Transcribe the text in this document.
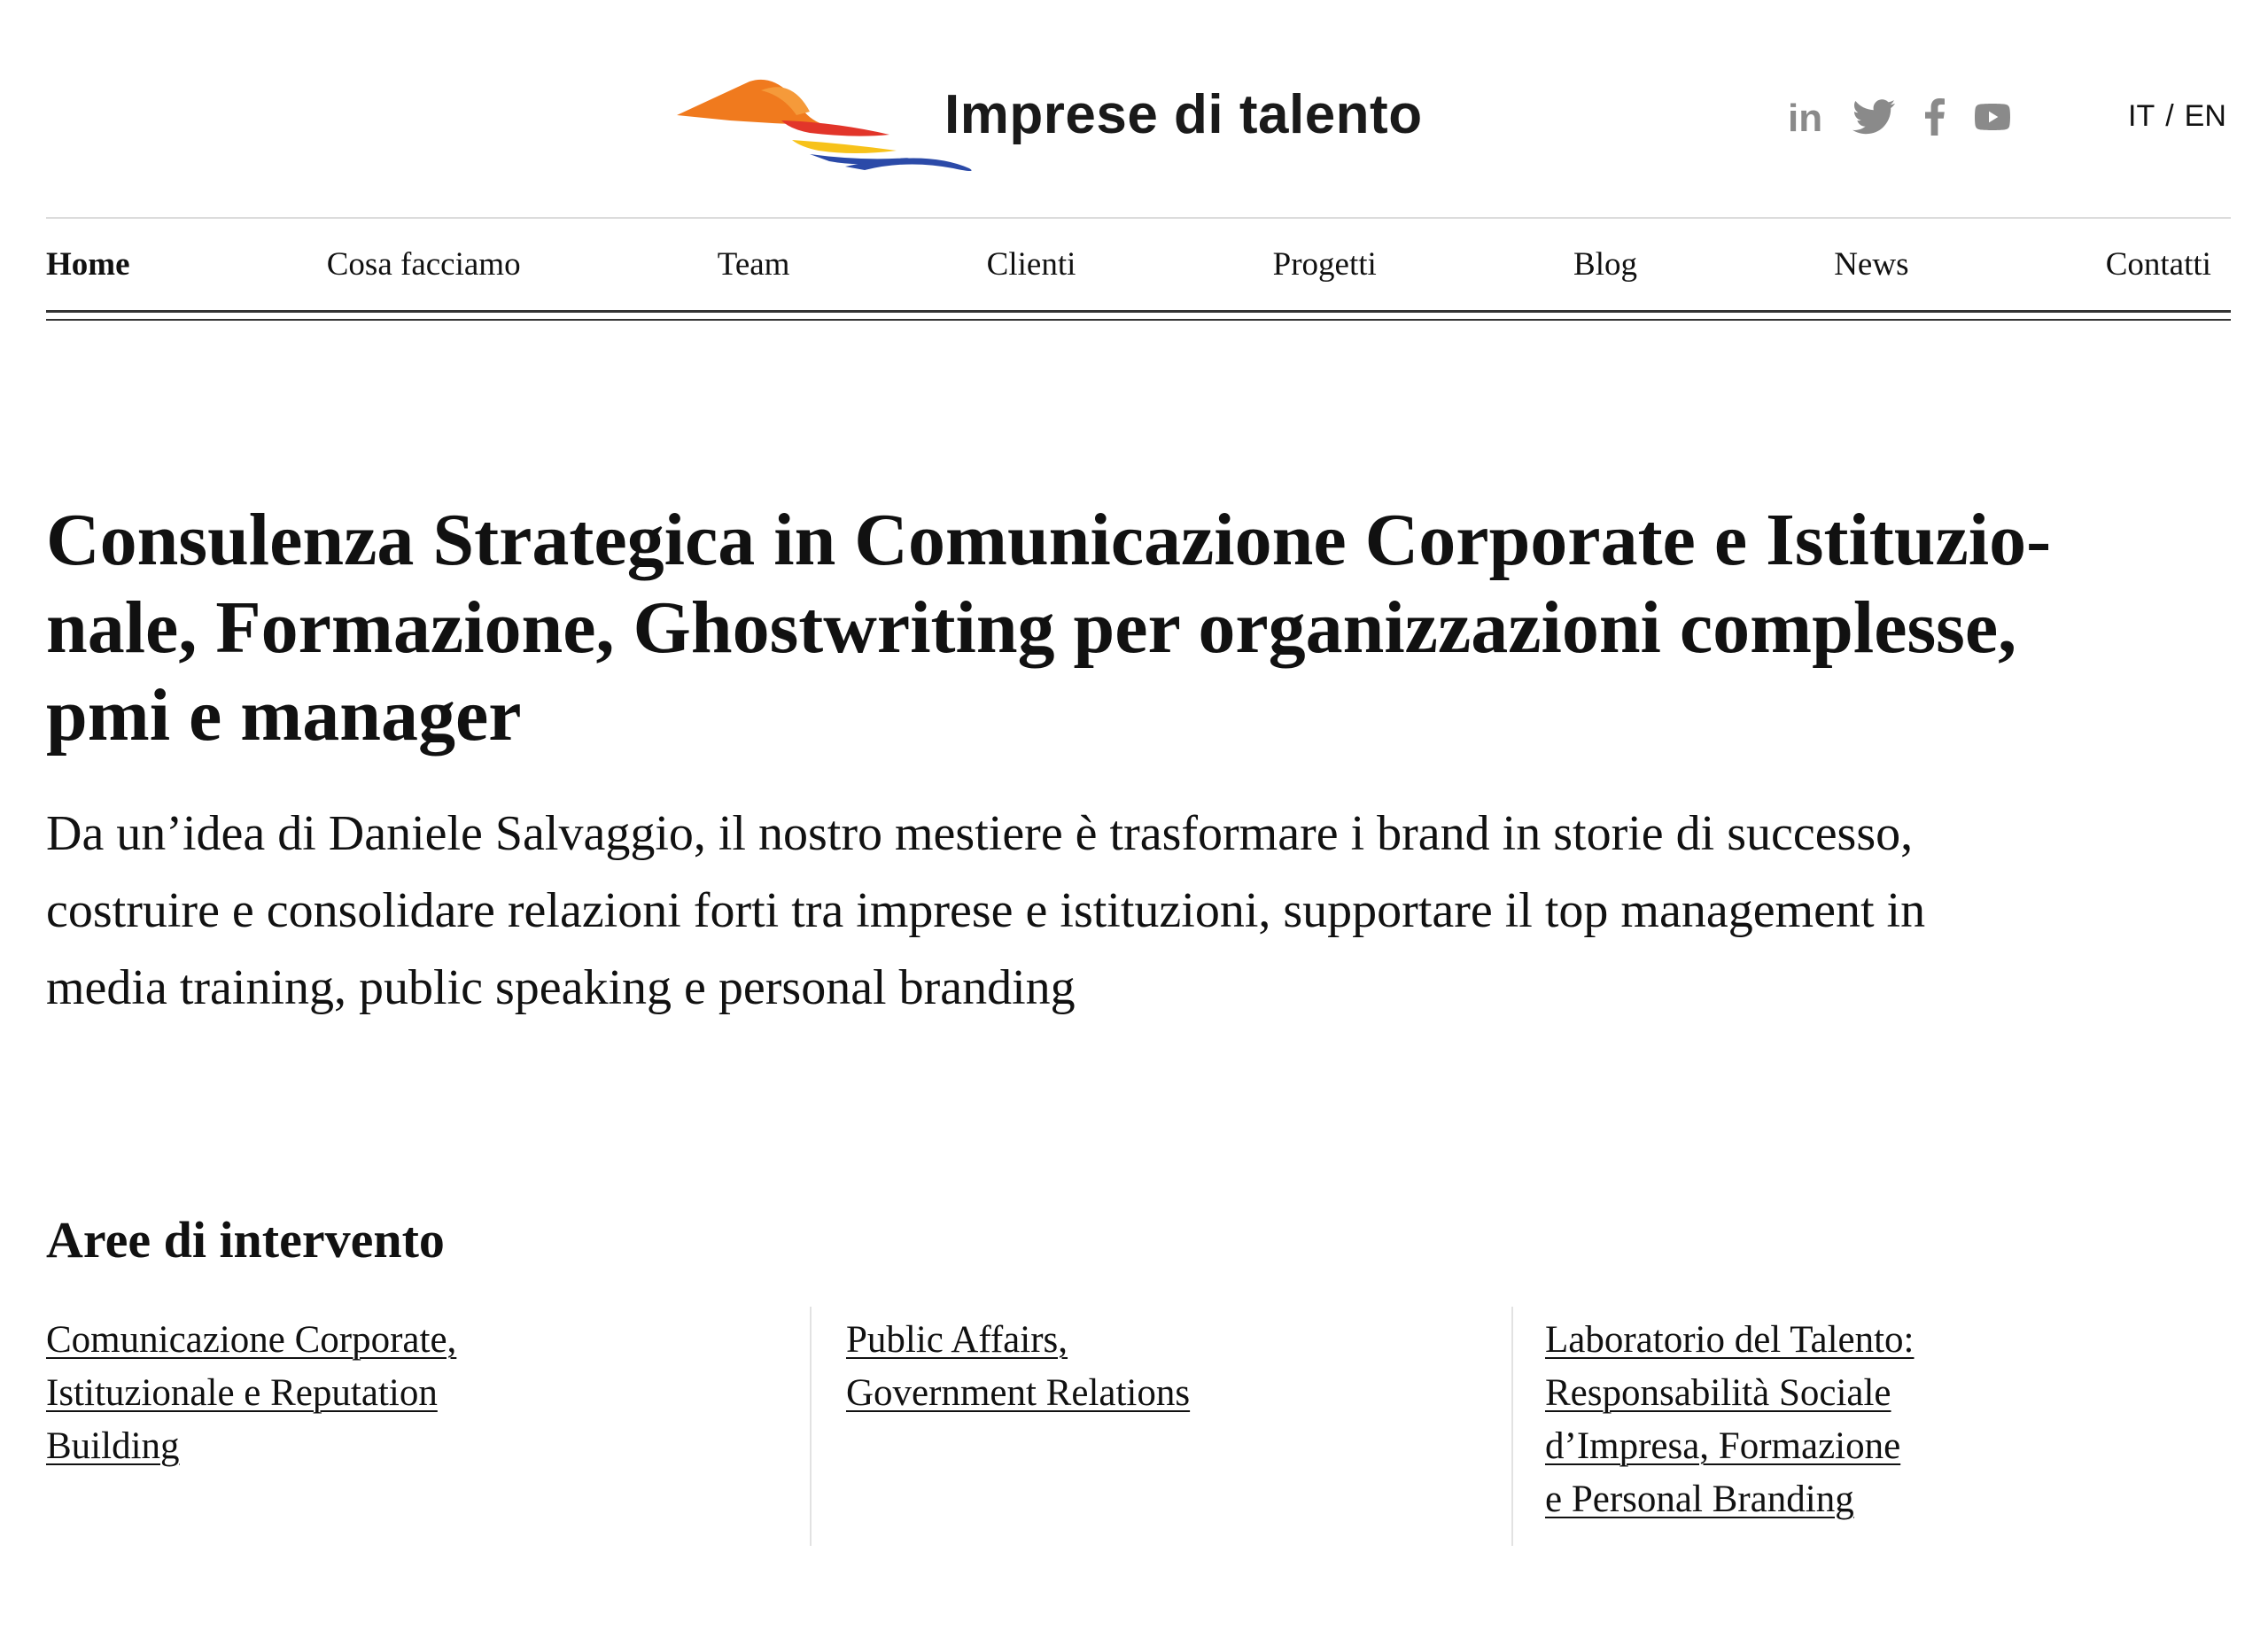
Imprese di talento	in	IT / EN
Home	Cosa facciamo	Team	Clienti	Progetti	Blog	News	Contatti
Consulenza Strategica in Comunicazione Corporate e Istituzio-
nale, Formazione, Ghostwriting per organizzazioni complesse,
pmi e manager

Da un’idea di Daniele Salvaggio, il nostro mestiere è trasformare i brand in storie di successo,
costruire e consolidare relazioni forti tra imprese e istituzioni, supportare il top management in
media training, public speaking e personal branding

Aree di intervento
Comunicazione Corporate,
Istituzionale e Reputation
Building
Public Affairs,
Government Relations
Laboratorio del Talento:
Responsabilità Sociale
d’Impresa, Formazione
e Personal Branding
